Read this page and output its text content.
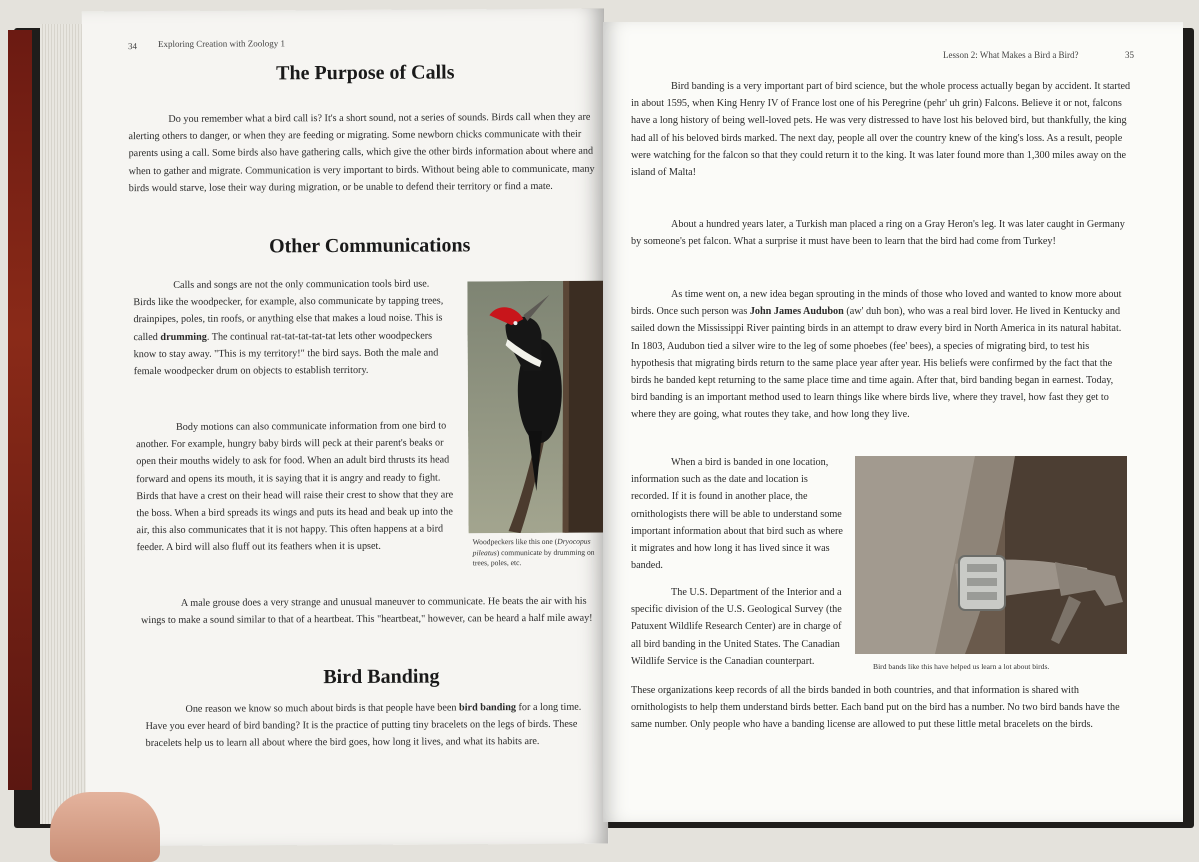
34 Exploring Creation with Zoology 1
The Purpose of Calls

Do you remember what a bird call is? It's a short sound, not a series of sounds. Birds call when they are alerting others to danger, or when they are feeding or migrating. Some newborn chicks communicate with their parents using a call. Some birds also have gathering calls, which give the other birds information about where and when to gather and migrate. Communication is very important to birds. Without being able to communicate, many birds would starve, lose their way during migration, or be unable to defend their territory or find a mate.

Other Communications

Calls and songs are not the only communication tools bird use. Birds like the woodpecker, for example, also communicate by tapping trees, drainpipes, poles, tin roofs, or anything else that makes a loud noise. This is called drumming. The continual rat-tat-tat-tat-tat lets other woodpeckers know to stay away. "This is my territory!" the bird says. Both the male and female woodpecker drum on objects to establish territory.

Body motions can also communicate information from one bird to another. For example, hungry baby birds will peck at their parent's beaks or open their mouths widely to ask for food. When an adult bird thrusts its head forward and opens its mouth, it is saying that it is angry and ready to fight. Birds that have a crest on their head will raise their crest to show that they are the boss. When a bird spreads its wings and puts its head and beak up into the air, this also communicates that it is not happy. This often happens at a bird feeder. A bird will also fluff out its feathers when it is upset.	Woodpeckers like this one (Dryocopus pileatus) communicate by drumming on trees, poles, etc.

A male grouse does a very strange and unusual maneuver to communicate. He beats the air with his wings to make a sound similar to that of a heartbeat. This "heartbeat," however, can be heard a half mile away!

Bird Banding

One reason we know so much about birds is that people have been bird banding for a long time. Have you ever heard of bird banding? It is the practice of putting tiny bracelets on the legs of birds. These bracelets help us to learn all about where the bird goes, how long it lives, and what its habits are.

Lesson 2: What Makes a Bird a Bird?	35

Bird banding is a very important part of bird science, but the whole process actually began by accident. It started in about 1595, when King Henry IV of France lost one of his Peregrine (pehr' uh grin) Falcons. Believe it or not, falcons have a long history of being well-loved pets. He was very distressed to have lost his beloved bird, but thankfully, the king had all of his beloved birds marked. The next day, people all over the country knew of the king's loss. As a result, people were watching for the falcon so that they could return it to the king. It was later found more than 1,300 miles away on the island of Malta!

About a hundred years later, a Turkish man placed a ring on a Gray Heron's leg. It was later caught in Germany by someone's pet falcon. What a surprise it must have been to learn that the bird had come from Turkey!

As time went on, a new idea began sprouting in the minds of those who loved and wanted to know more about birds. Once such person was John James Audubon (aw' duh bon), who was a real bird lover. He lived in Kentucky and sailed down the Mississippi River painting birds in an attempt to draw every bird in North America in its natural habitat. In 1803, Audubon tied a silver wire to the leg of some phoebes (fee' bees), a species of migrating bird, to test his hypothesis that migrating birds return to the same place year after year. His beliefs were confirmed by the fact that the birds he banded kept returning to the same place time and time again. After that, bird banding began in earnest. Today, bird banding is an important method used to learn things like where birds live, where they travel, how fast they get to where they are going, what routes they take, and how long they live.

When a bird is banded in one location, information such as the date and location is recorded. If it is found in another place, the ornithologists there will be able to understand some important information about that bird such as where it migrates and how long it has lived since it was banded.

The U.S. Department of the Interior and a specific division of the U.S. Geological Survey (the Patuxent Wildlife Research Center) are in charge of all bird banding in the United States. The Canadian Wildlife Service is the Canadian counterpart.

These organizations keep records of all the birds banded in both countries, and that information is shared with ornithologists to help them understand birds better. Each band put on the bird has a number. No two bird bands have the same number. Only people who have a banding license are allowed to put these little metal bracelets on the birds.

Bird bands like this have helped us learn a lot about birds.
